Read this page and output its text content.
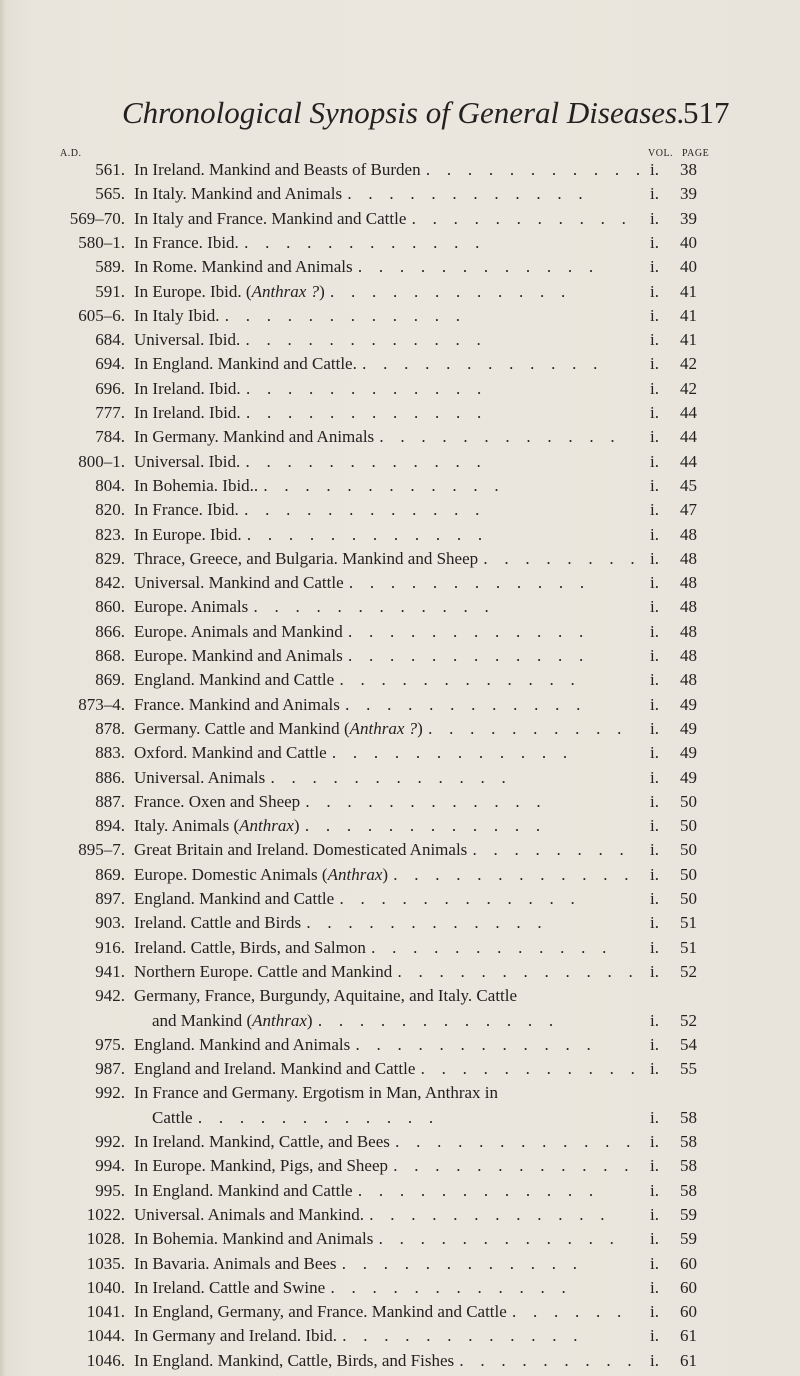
Chronological Synopsis of General Diseases.
517
A.D.	VOL. PAGE
561. In Ireland. Mankind and Beasts of Burden .   .	i.	38
565. In Italy. Mankind and Animals .   .	i.	39
569–70. In Italy and France. Mankind and Cattle .   .	i.	39
580–1. In France. Ibid. .   .	i.	40
589. In Rome. Mankind and Animals .   .	i.	40
591. In Europe. Ibid. (Anthrax ?) .   .	i.	41
605–6. In Italy Ibid. .   .	i.	41
684. Universal. Ibid. .   .	i.	41
694. In England. Mankind and Cattle. .   .	i.	42
696. In Ireland. Ibid. .   .	i.	42
777. In Ireland. Ibid. .   .	i.	44
784. In Germany. Mankind and Animals .   .	i.	44
800–1. Universal. Ibid. .   .	i.	44
804. In Bohemia. Ibid.. .   .	i.	45
820. In France. Ibid. .   .	i.	47
823. In Europe. Ibid. .   .	i.	48
829. Thrace, Greece, and Bulgaria. Mankind and Sheep .   .	i.	48
842. Universal. Mankind and Cattle .   .	i.	48
860. Europe. Animals .   .	i.	48
866. Europe. Animals and Mankind .   .	i.	48
868. Europe. Mankind and Animals .   .	i.	48
869. England. Mankind and Cattle .   .	i.	48
873–4. France. Mankind and Animals .   .	i.	49
878. Germany. Cattle and Mankind (Anthrax ?) .   .	i.	49
883. Oxford. Mankind and Cattle .   .	i.	49
886. Universal. Animals .   .	i.	49
887. France. Oxen and Sheep .   .	i.	50
894. Italy. Animals (Anthrax) .   .	i.	50
895–7. Great Britain and Ireland. Domesticated Animals .   .	i.	50
869. Europe. Domestic Animals (Anthrax) .   .	i.	50
897. England. Mankind and Cattle .   .	i.	50
903. Ireland. Cattle and Birds .   .	i.	51
916. Ireland. Cattle, Birds, and Salmon .   .	i.	51
941. Northern Europe. Cattle and Mankind .   .	i.	52
942. Germany, France, Burgundy, Aquitaine, and Italy. Cattle
and Mankind (Anthrax) .   .	i.	52
975. England. Mankind and Animals .   .	i.	54
987. England and Ireland. Mankind and Cattle .   .	i.	55
992. In France and Germany. Ergotism in Man, Anthrax in
Cattle .   .	i.	58
992. In Ireland. Mankind, Cattle, and Bees .   .	i.	58
994. In Europe. Mankind, Pigs, and Sheep .   .	i.	58
995. In England. Mankind and Cattle .   .	i.	58
1022. Universal. Animals and Mankind. .   .	i.	59
1028. In Bohemia. Mankind and Animals .   .	i.	59
1035. In Bavaria. Animals and Bees .   .	i.	60
1040. In Ireland. Cattle and Swine .   .	i.	60
1041. In England, Germany, and France. Mankind and Cattle .   .	i.	60
1044. In Germany and Ireland. Ibid. .   .	i.	61
1046. In England. Mankind, Cattle, Birds, and Fishes .   .	i.	61
